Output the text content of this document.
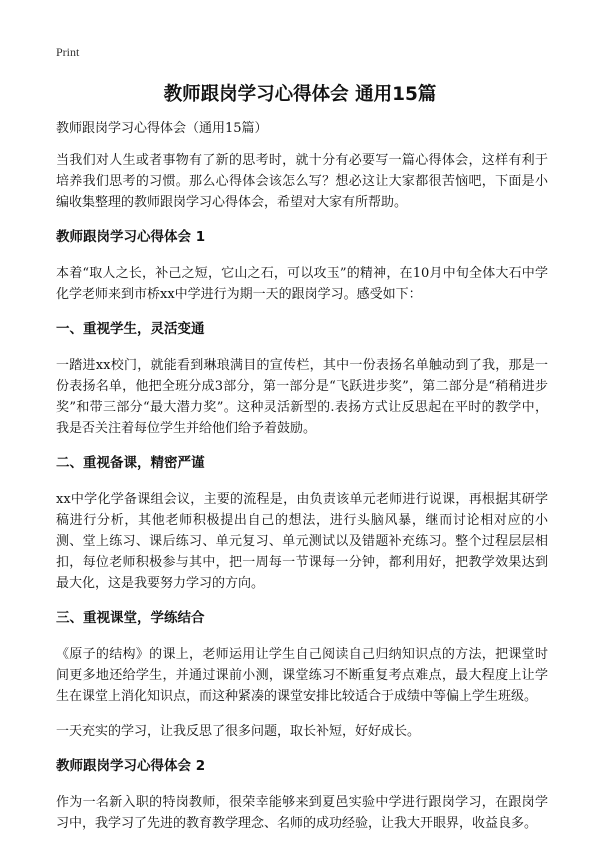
Print
教师跟岗学习心得体会 通用15篇

教师跟岗学习心得体会（通用15篇）

当我们对人生或者事物有了新的思考时，就十分有必要写一篇心得体会，这样有利于培养我们思考的习惯。那么心得体会该怎么写？想必这让大家都很苦恼吧，下面是小编收集整理的教师跟岗学习心得体会，希望对大家有所帮助。

教师跟岗学习心得体会 1

本着“取人之长，补己之短，它山之石，可以攻玉”的精神，在10月中旬全体大石中学化学老师来到市桥xx中学进行为期一天的跟岗学习。感受如下：

一、重视学生，灵活变通

一踏进xx校门，就能看到琳琅满目的宣传栏，其中一份表扬名单触动到了我，那是一份表扬名单，他把全班分成3部分，第一部分是“飞跃进步奖”，第二部分是“稍稍进步奖”和带三部分“最大潜力奖”。这种灵活新型的.表扬方式让反思起在平时的教学中，我是否关注着每位学生并给他们给予着鼓励。

二、重视备课，精密严谨

xx中学化学备课组会议，主要的流程是，由负责该单元老师进行说课，再根据其研学稿进行分析，其他老师积极提出自己的想法，进行头脑风暴，继而讨论相对应的小测、堂上练习、课后练习、单元复习、单元测试以及错题补充练习。整个过程层层相扣，每位老师积极参与其中，把一周每一节课每一分钟，都利用好，把教学效果达到最大化，这是我要努力学习的方向。

三、重视课堂，学练结合

《原子的结构》的课上，老师运用让学生自己阅读自己归纳知识点的方法，把课堂时间更多地还给学生，并通过课前小测，课堂练习不断重复考点难点，最大程度上让学生在课堂上消化知识点，而这种紧凑的课堂安排比较适合于成绩中等偏上学生班级。

一天充实的学习，让我反思了很多问题，取长补短，好好成长。

教师跟岗学习心得体会 2

作为一名新入职的特岗教师，很荣幸能够来到夏邑实验中学进行跟岗学习，在跟岗学习中，我学习了先进的教育教学理念、名师的成功经验，让我大开眼界，收益良多。
